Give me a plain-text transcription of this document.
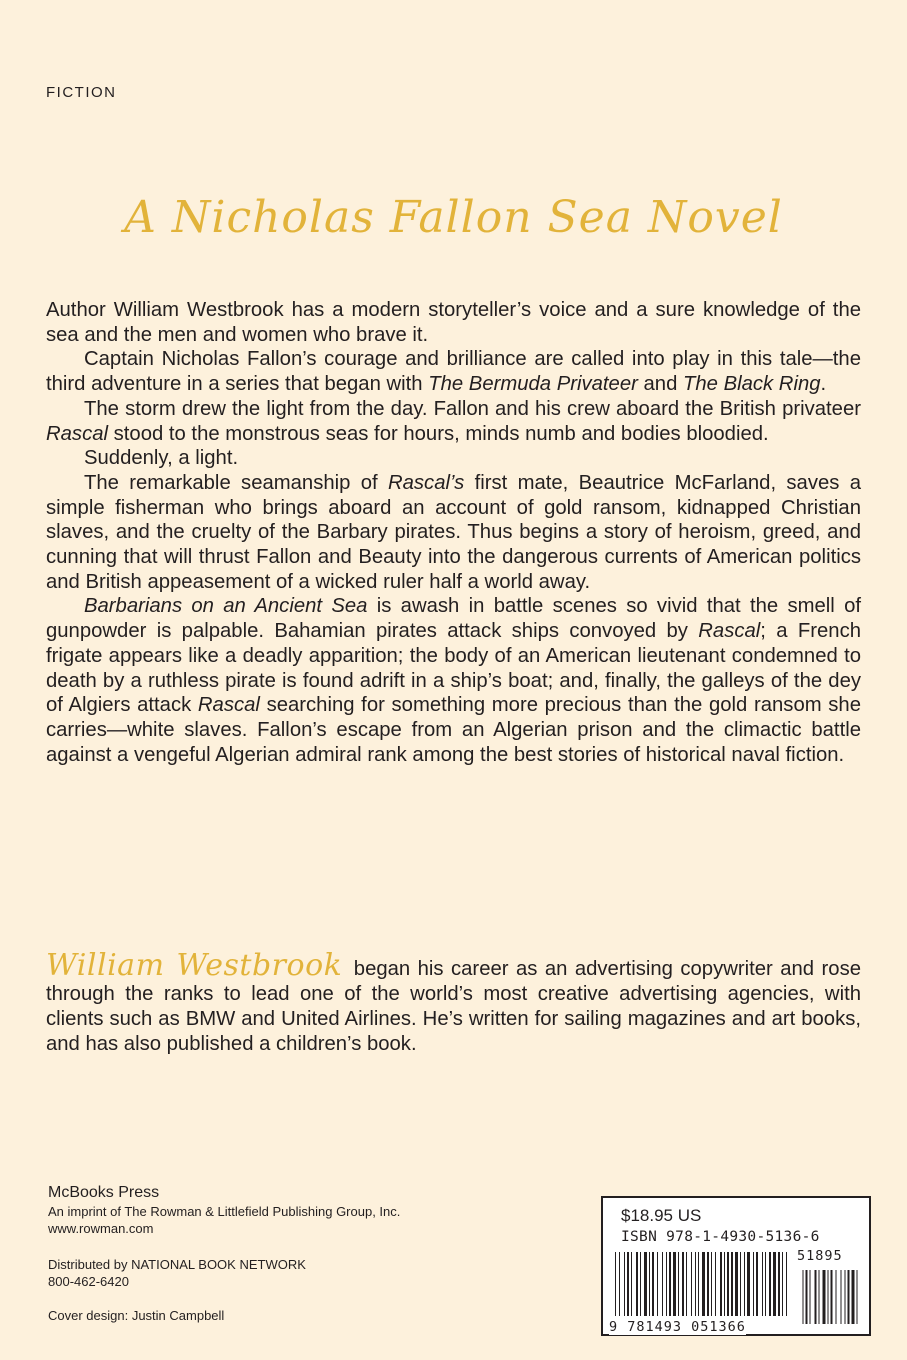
FICTION
A Nicholas Fallon Sea Novel

Author William Westbrook has a modern storyteller’s voice and a sure knowledge of the sea and the men and women who brave it.

Captain Nicholas Fallon’s courage and brilliance are called into play in this tale—the third adventure in a series that began with The Bermuda Privateer and The Black Ring.

The storm drew the light from the day. Fallon and his crew aboard the British privateer Rascal stood to the monstrous seas for hours, minds numb and bodies bloodied.

Suddenly, a light.

The remarkable seamanship of Rascal’s first mate, Beautrice McFarland, saves a simple fisherman who brings aboard an account of gold ransom, kidnapped Christian slaves, and the cruelty of the Barbary pirates. Thus begins a story of heroism, greed, and cunning that will thrust Fallon and Beauty into the dangerous currents of American politics and British appeasement of a wicked ruler half a world away.

Barbarians on an Ancient Sea is awash in battle scenes so vivid that the smell of gunpowder is palpable. Bahamian pirates attack ships convoyed by Rascal; a French frigate appears like a deadly apparition; the body of an American lieutenant condemned to death by a ruthless pirate is found adrift in a ship’s boat; and, finally, the galleys of the dey of Algiers attack Rascal searching for something more precious than the gold ransom she carries—white slaves. Fallon’s escape from an Algerian prison and the climactic battle against a vengeful Algerian admiral rank among the best stories of historical naval fiction.

William Westbrook began his career as an advertising copywriter and rose through the ranks to lead one of the world’s most creative advertising agencies, with clients such as BMW and United Airlines. He’s written for sailing magazines and art books, and has also published a children’s book.

McBooks Press
An imprint of The Rowman & Littlefield Publishing Group, Inc.
www.rowman.com
Distributed by NATIONAL BOOK NETWORK
800-462-6420
Cover design: Justin Campbell
$18.95 US
ISBN 978-1-4930-5136-6
51895
9 781493 051366
